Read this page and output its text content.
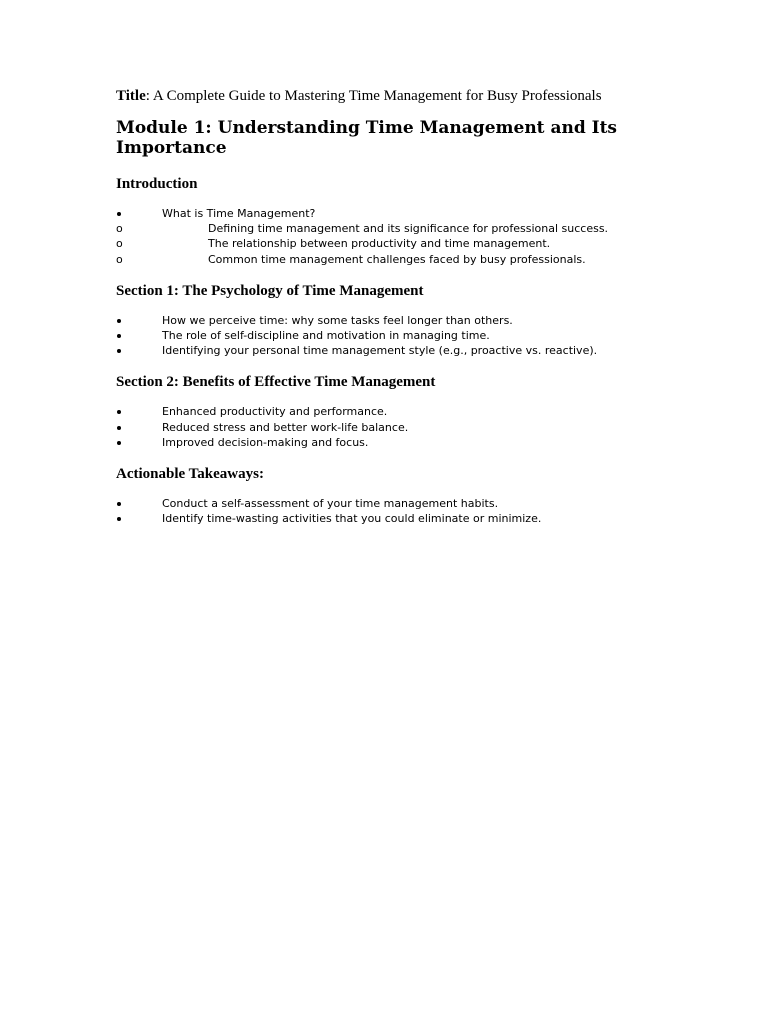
Title: A Complete Guide to Mastering Time Management for Busy Professionals

Module 1: Understanding Time Management and Its
Importance
Introduction
What is Time Management?
o	Defining time management and its significance for professional success.
o	The relationship between productivity and time management.
o	Common time management challenges faced by busy professionals.
Section 1: The Psychology of Time Management
How we perceive time: why some tasks feel longer than others.
The role of self-discipline and motivation in managing time.
Identifying your personal time management style (e.g., proactive vs. reactive).
Section 2: Benefits of Effective Time Management
Enhanced productivity and performance.
Reduced stress and better work-life balance.
Improved decision-making and focus.
Actionable Takeaways:
Conduct a self-assessment of your time management habits.
Identify time-wasting activities that you could eliminate or minimize.
